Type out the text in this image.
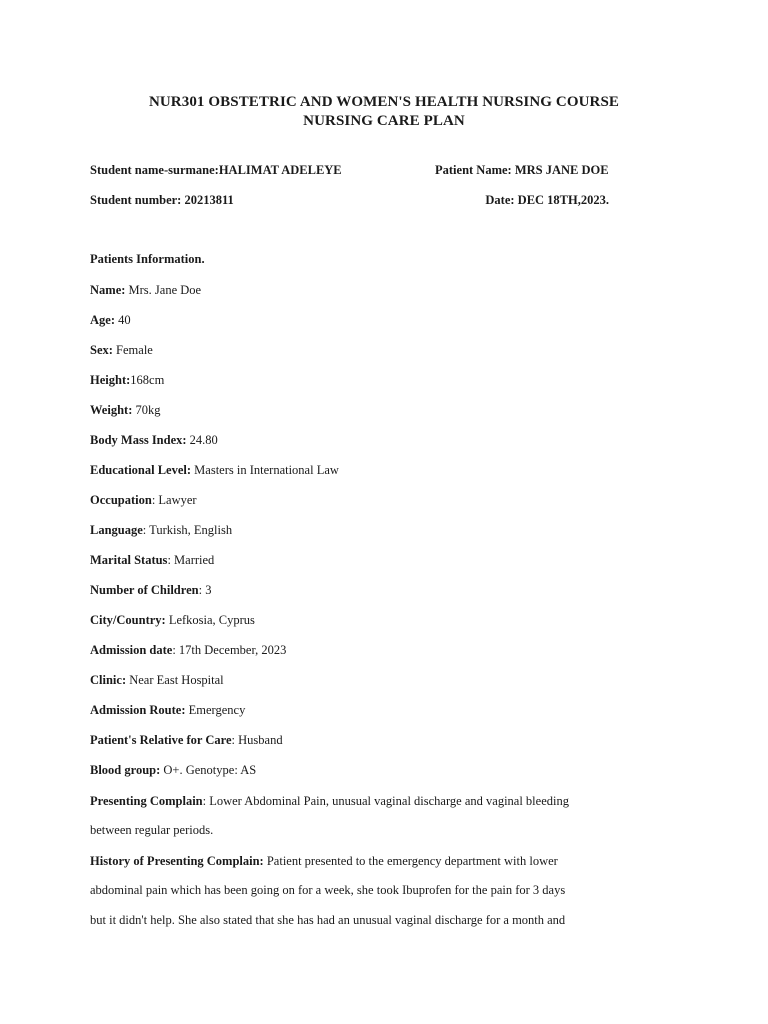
NUR301 OBSTETRIC AND WOMEN'S HEALTH NURSING COURSE
NURSING CARE PLAN
Student name-surmane:HALIMAT ADELEYE	Patient Name: MRS JANE DOE
Student number: 20213811	Date: DEC 18TH,2023.
Patients Information.
Name: Mrs. Jane Doe
Age: 40
Sex: Female
Height:168cm
Weight: 70kg
Body Mass Index: 24.80
Educational Level: Masters in International Law
Occupation: Lawyer
Language: Turkish, English
Marital Status: Married
Number of Children: 3
City/Country: Lefkosia, Cyprus
Admission date: 17th December, 2023
Clinic: Near East Hospital
Admission Route: Emergency
Patient's Relative for Care: Husband
Blood group: O+. Genotype: AS
Presenting Complain: Lower Abdominal Pain, unusual vaginal discharge and vaginal bleeding
between regular periods.
History of Presenting Complain: Patient presented to the emergency department with lower
abdominal pain which has been going on for a week, she took Ibuprofen for the pain for 3 days
but it didn't help. She also stated that she has had an unusual vaginal discharge for a month and
